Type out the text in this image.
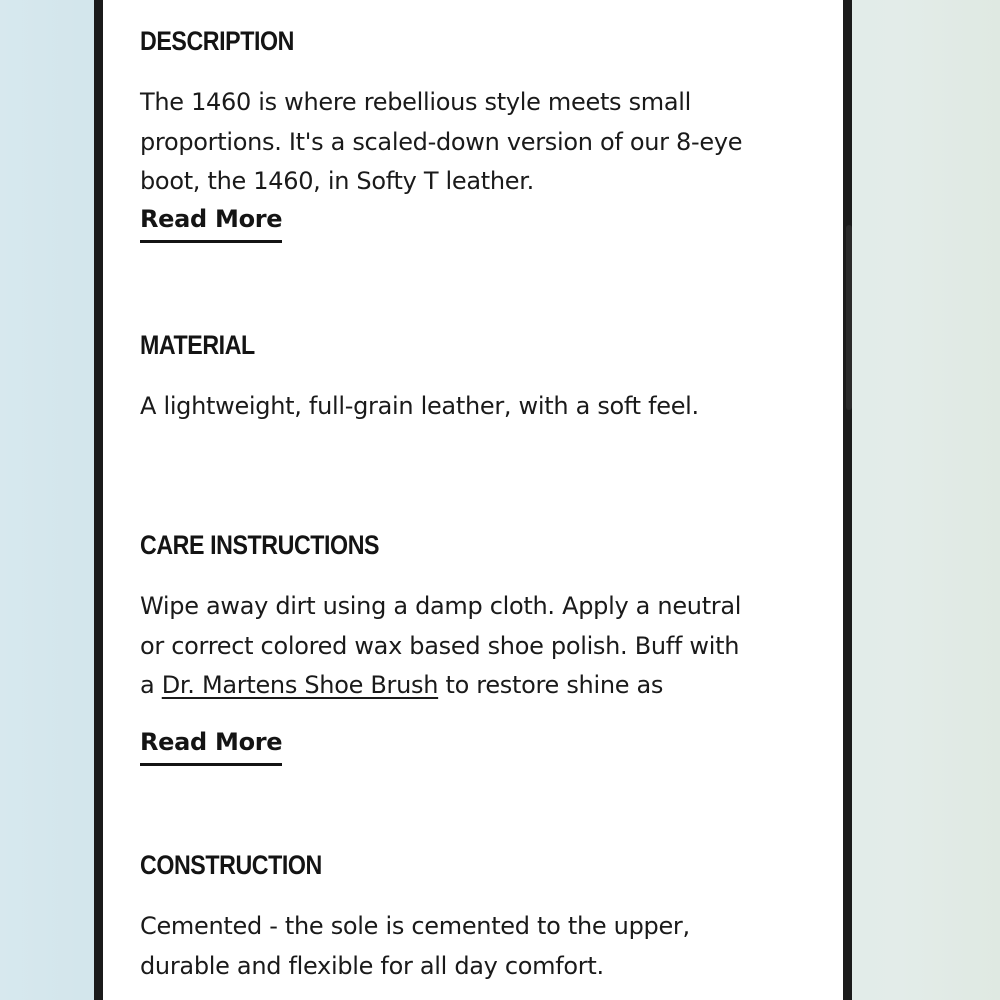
DESCRIPTION

The 1460 is where rebellious style meets small
proportions. It's a scaled-down version of our 8-eye
boot, the 1460, in Softy T leather.

Read More
MATERIAL

A lightweight, full-grain leather, with a soft feel.

CARE INSTRUCTIONS

Wipe away dirt using a damp cloth. Apply a neutral
or correct colored wax based shoe polish. Buff with
a Dr. Martens Shoe Brush to restore shine as

Read More
CONSTRUCTION

Cemented - the sole is cemented to the upper,
durable and flexible for all day comfort.
